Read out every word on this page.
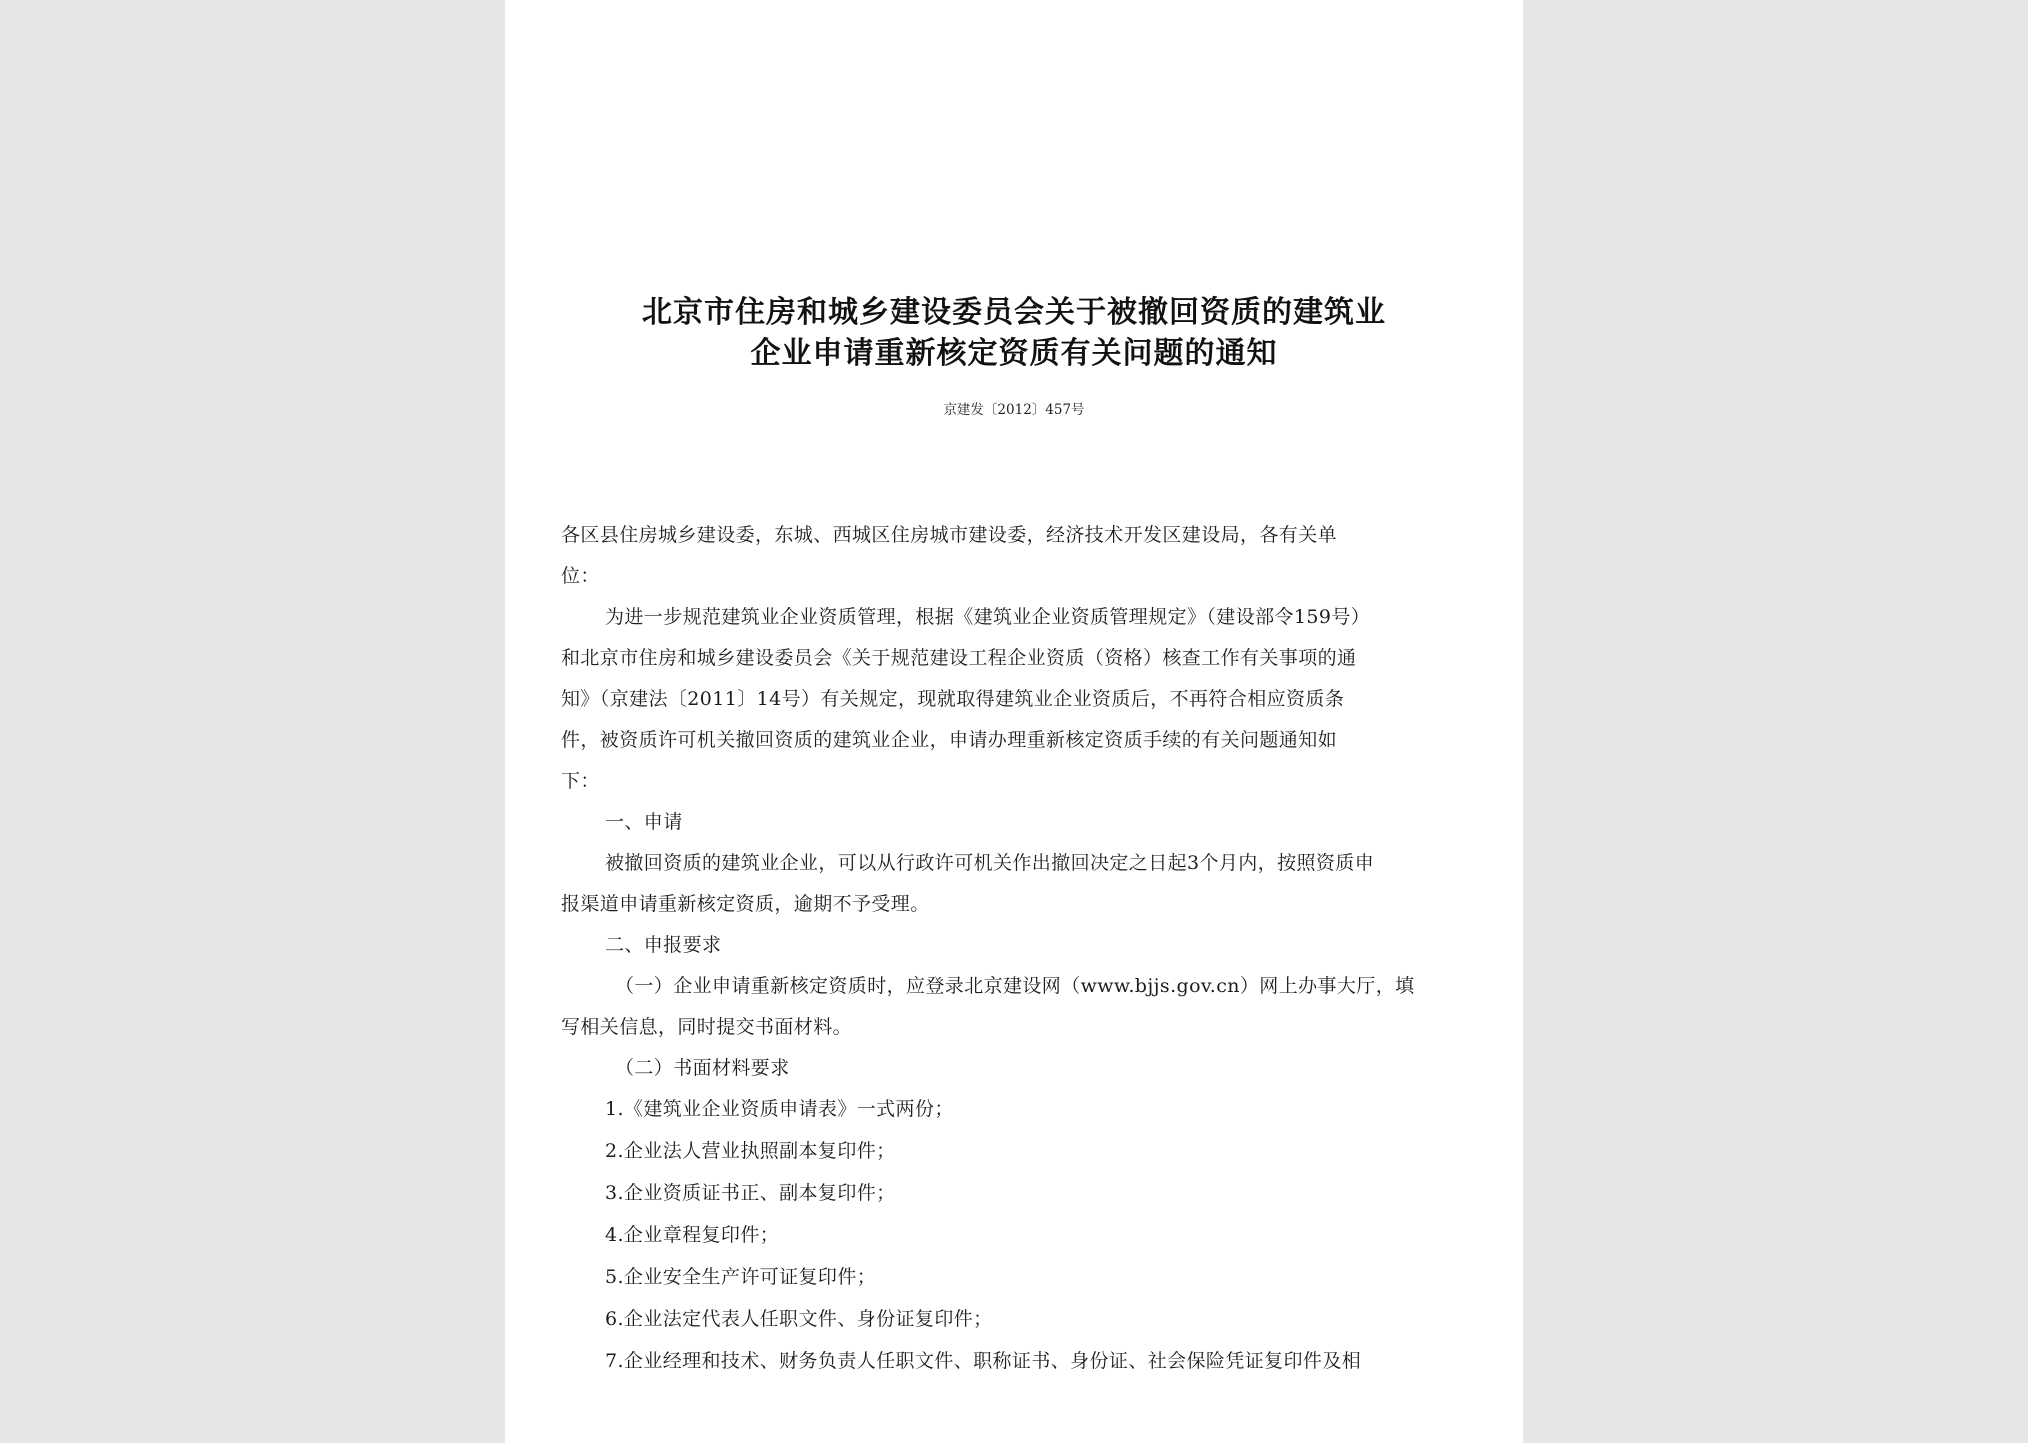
北京市住房和城乡建设委员会关于被撤回资质的建筑业
企业申请重新核定资质有关问题的通知
京建发〔2012〕457号
各区县住房城乡建设委，东城、西城区住房城市建设委，经济技术开发区建设局，各有关单
位：
为进一步规范建筑业企业资质管理，根据《建筑业企业资质管理规定》（建设部令159号）
和北京市住房和城乡建设委员会《关于规范建设工程企业资质（资格）核查工作有关事项的通
知》（京建法〔2011〕14号）有关规定，现就取得建筑业企业资质后，不再符合相应资质条
件，被资质许可机关撤回资质的建筑业企业，申请办理重新核定资质手续的有关问题通知如
下：
一、申请
被撤回资质的建筑业企业，可以从行政许可机关作出撤回决定之日起3个月内，按照资质申
报渠道申请重新核定资质，逾期不予受理。
二、申报要求
（一）企业申请重新核定资质时，应登录北京建设网（www.bjjs.gov.cn）网上办事大厅，填
写相关信息，同时提交书面材料。
（二）书面材料要求
1.《建筑业企业资质申请表》一式两份；
2.企业法人营业执照副本复印件；
3.企业资质证书正、副本复印件；
4.企业章程复印件；
5.企业安全生产许可证复印件；
6.企业法定代表人任职文件、身份证复印件；
7.企业经理和技术、财务负责人任职文件、职称证书、身份证、社会保险凭证复印件及相
